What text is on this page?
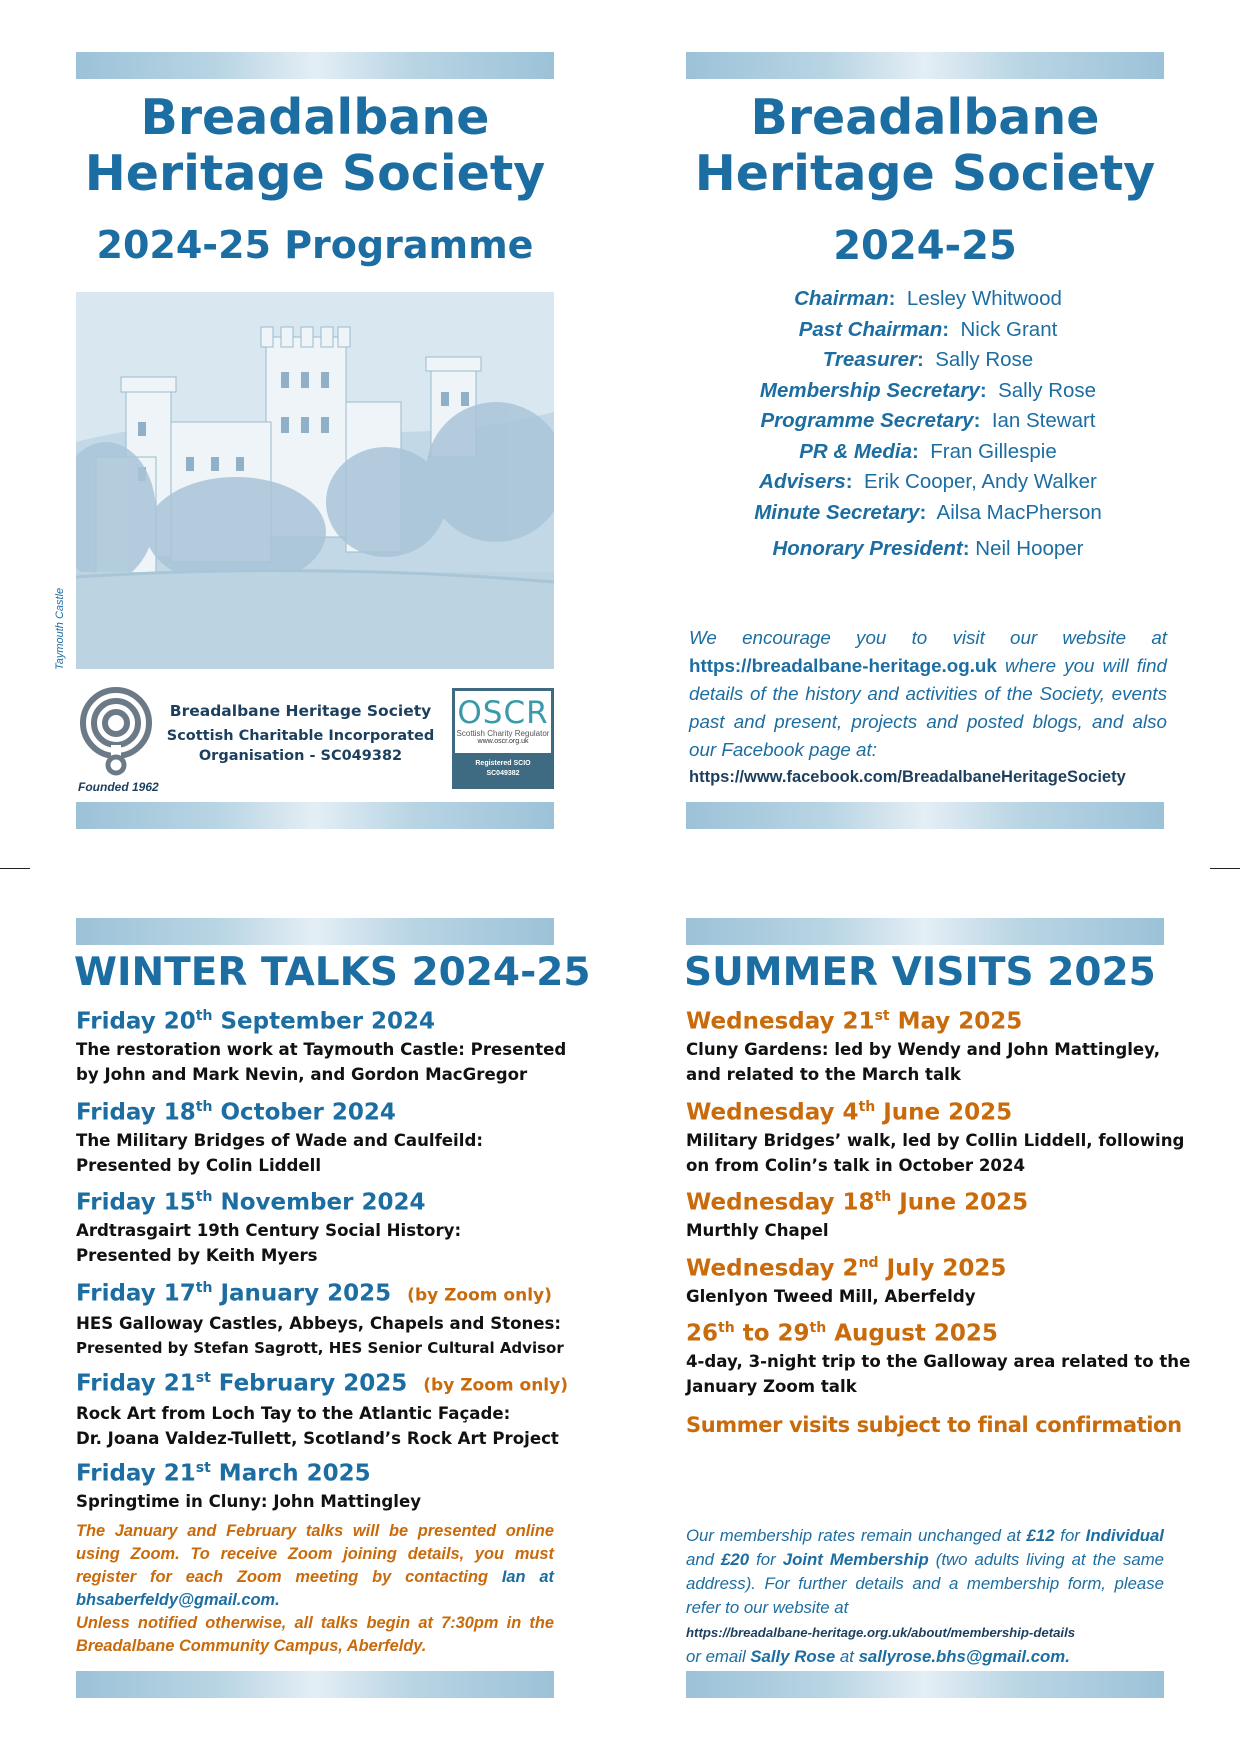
Breadalbane
Heritage Society
2024-25 Programme
Taymouth Castle
Founded 1962
Breadalbane Heritage Society
Scottish Charitable Incorporated
Organisation - SC049382
OSCR
Scottish Charity Regulator
www.oscr.org.uk
Registered SCIO
SC049382
Breadalbane
Heritage Society
2024-25
Chairman: Lesley Whitwood
Past Chairman: Nick Grant
Treasurer: Sally Rose
Membership Secretary: Sally Rose
Programme Secretary: Ian Stewart
PR & Media: Fran Gillespie
Advisers: Erik Cooper, Andy Walker
Minute Secretary: Ailsa MacPherson
Honorary President: Neil Hooper
We encourage you to visit our website at https://breadalbane-heritage.og.uk where you will find details of the history and activities of the Society, events past and present, projects and posted blogs, and also our Facebook page at:
https://www.facebook.com/BreadalbaneHeritageSociety
WINTER TALKS 2024-25
Friday 20th September 2024
The restoration work at Taymouth Castle: Presented
by John and Mark Nevin, and Gordon MacGregor
Friday 18th October 2024
The Military Bridges of Wade and Caulfeild:
Presented by Colin Liddell
Friday 15th November 2024
Ardtrasgairt 19th Century Social History:
Presented by Keith Myers
Friday 17th January 2025 (by Zoom only)
HES Galloway Castles, Abbeys, Chapels and Stones:
Presented by Stefan Sagrott, HES Senior Cultural Advisor
Friday 21st February 2025 (by Zoom only)
Rock Art from Loch Tay to the Atlantic Façade:
Dr. Joana Valdez-Tullett, Scotland’s Rock Art Project
Friday 21st March 2025
Springtime in Cluny: John Mattingley
The January and February talks will be presented online using Zoom. To receive Zoom joining details, you must register for each Zoom meeting by contacting Ian at bhsaberfeldy@gmail.com.
Unless notified otherwise, all talks begin at 7:30pm in the Breadalbane Community Campus, Aberfeldy.
SUMMER VISITS 2025
Wednesday 21st May 2025
Cluny Gardens: led by Wendy and John Mattingley,
and related to the March talk
Wednesday 4th June 2025
Military Bridges’ walk, led by Collin Liddell, following
on from Colin’s talk in October 2024
Wednesday 18th June 2025
Murthly Chapel
Wednesday 2nd July 2025
Glenlyon Tweed Mill, Aberfeldy
26th to 29th August 2025
4-day, 3-night trip to the Galloway area related to the
January Zoom talk
Summer visits subject to final confirmation
Our membership rates remain unchanged at £12 for Individual and £20 for Joint Membership (two adults living at the same address). For further details and a membership form, please refer to our website at
https://breadalbane-heritage.org.uk/about/membership-details
or email Sally Rose at sallyrose.bhs@gmail.com.
